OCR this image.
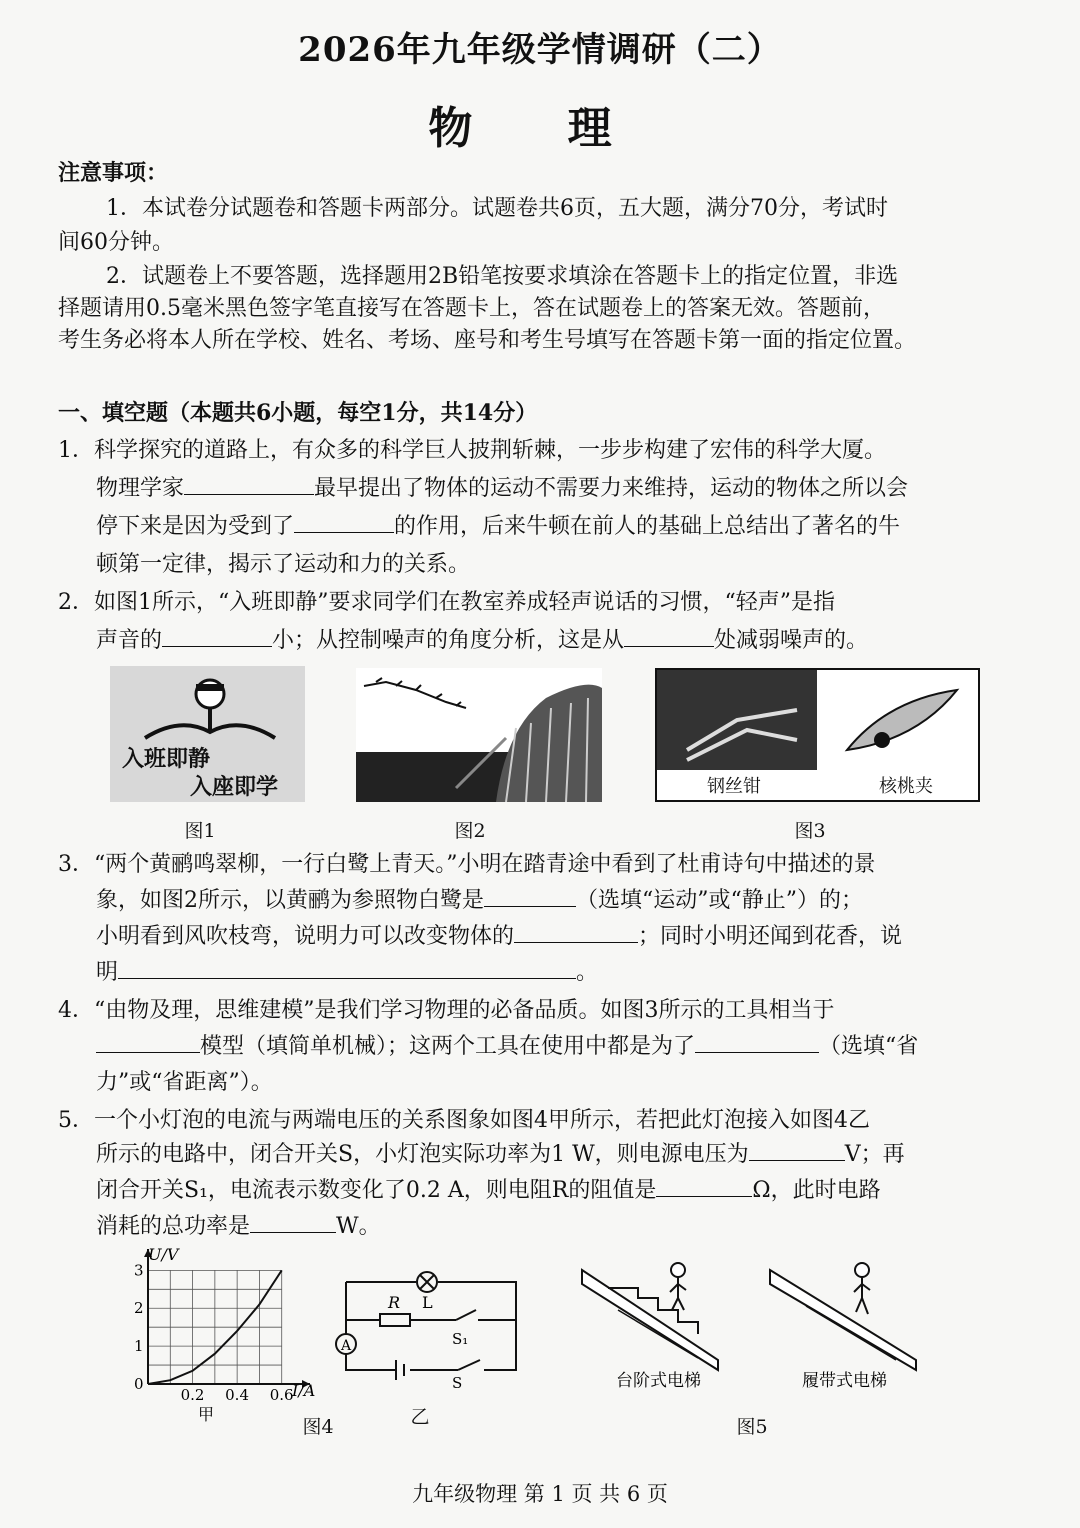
2026年九年级学情调研（二）
物 理
注意事项：
1．本试卷分试题卷和答题卡两部分。试题卷共6页，五大题，满分70分，考试时
间60分钟。
2．试题卷上不要答题，选择题用2B铅笔按要求填涂在答题卡上的指定位置，非选
择题请用0.5毫米黑色签字笔直接写在答题卡上，答在试题卷上的答案无效。答题前，
考生务必将本人所在学校、姓名、考场、座号和考生号填写在答题卡第一面的指定位置。
一、填空题（本题共6小题，每空1分，共14分）
1．科学探究的道路上，有众多的科学巨人披荆斩棘，一步步构建了宏伟的科学大厦。
物理学家	最早提出了物体的运动不需要力来维持，运动的物体之所以会
停下来是因为受到了	的作用，后来牛顿在前人的基础上总结出了著名的牛
顿第一定律，揭示了运动和力的关系。
2．如图1所示，“入班即静”要求同学们在教室养成轻声说话的习惯，“轻声”是指
声音的	小；从控制噪声的角度分析，这是从	处减弱噪声的。
入班即静
入座即学
图1	图2
钢丝钳	核桃夹
图3
3．“两个黄鹂鸣翠柳，一行白鹭上青天。”小明在踏青途中看到了杜甫诗句中描述的景
象，如图2所示，以黄鹂为参照物白鹭是	（选填“运动”或“静止”）的；
小明看到风吹枝弯，说明力可以改变物体的	；同时小明还闻到花香，说
明	。
4．“由物及理，思维建模”是我们学习物理的必备品质。如图3所示的工具相当于
模型（填简单机械）；这两个工具在使用中都是为了	（选填“省
力”或“省距离”）。
5．一个小灯泡的电流与两端电压的关系图象如图4甲所示，若把此灯泡接入如图4乙
所示的电路中，闭合开关S，小灯泡实际功率为1 W，则电源电压为	V；再
闭合开关S₁，电流表示数变化了0.2 A，则电阻R的阻值是	Ω，此时电路
消耗的总功率是	W。
0.2 0.4 0.6
0
1
2
3
U/V
I/A
甲
图4
A
L
R
S₁
S
乙
台阶式电梯	履带式电梯
图5
九年级物理 第 1 页 共 6 页
